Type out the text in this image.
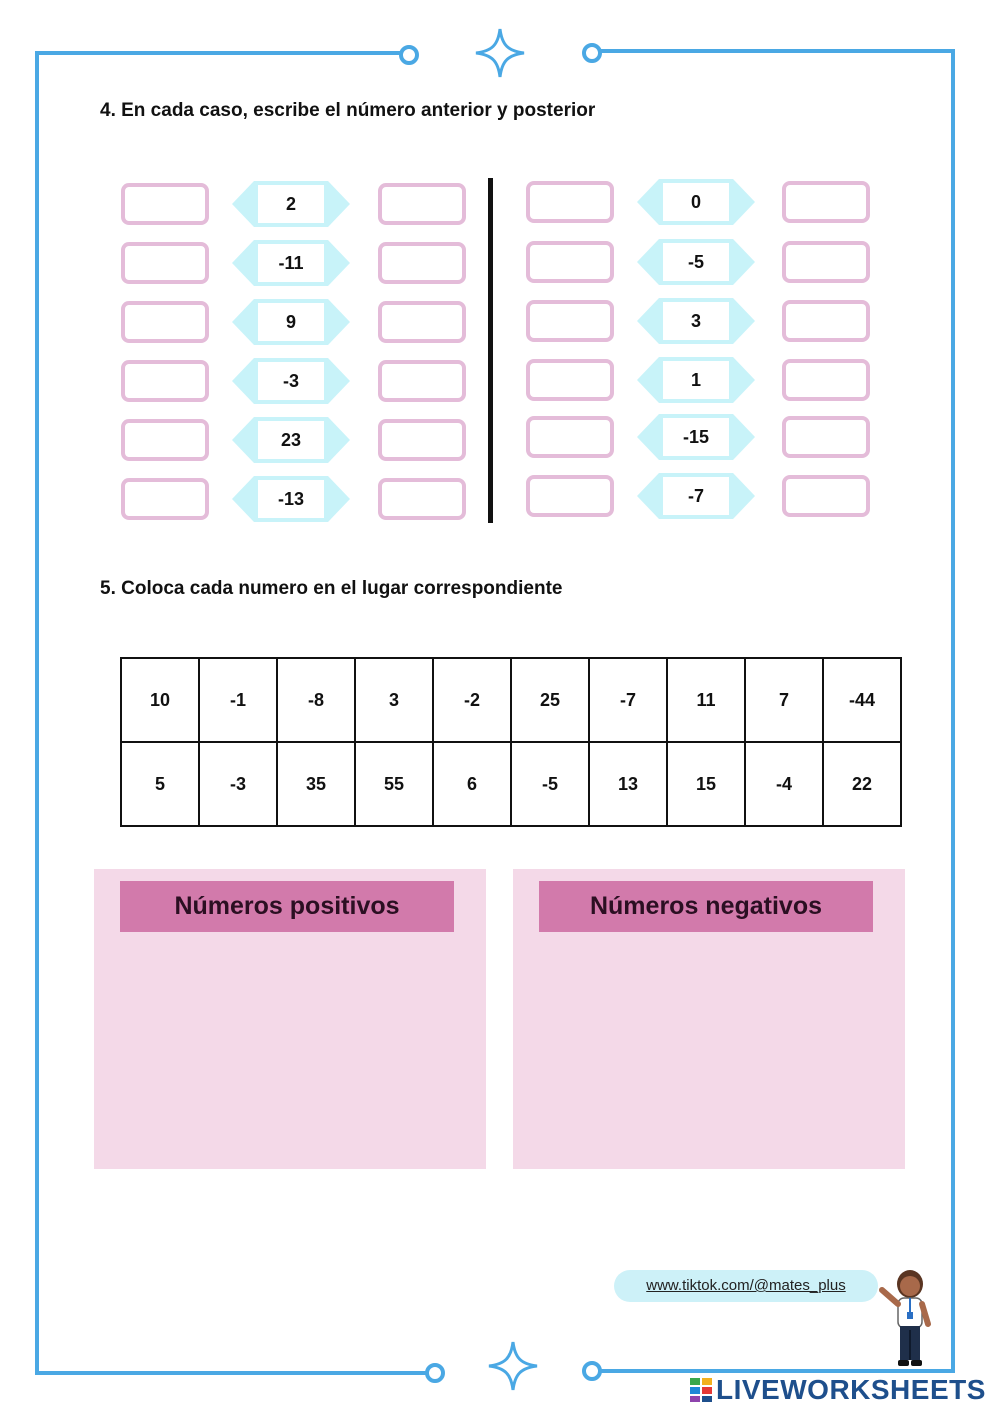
4. En cada caso, escribe el número anterior y posterior
2
-11
9
-3
23
-13
0
-5
3
1
-15
-7
5. Coloca cada numero en el lugar correspondiente
10	-1	-8	3	-2	25	-7	11	7	-44
5	-3	35	55	6	-5	13	15	-4	22
Números positivos	Números negativos
www.tiktok.com/@mates_plus
LIVEWORKSHEETS
